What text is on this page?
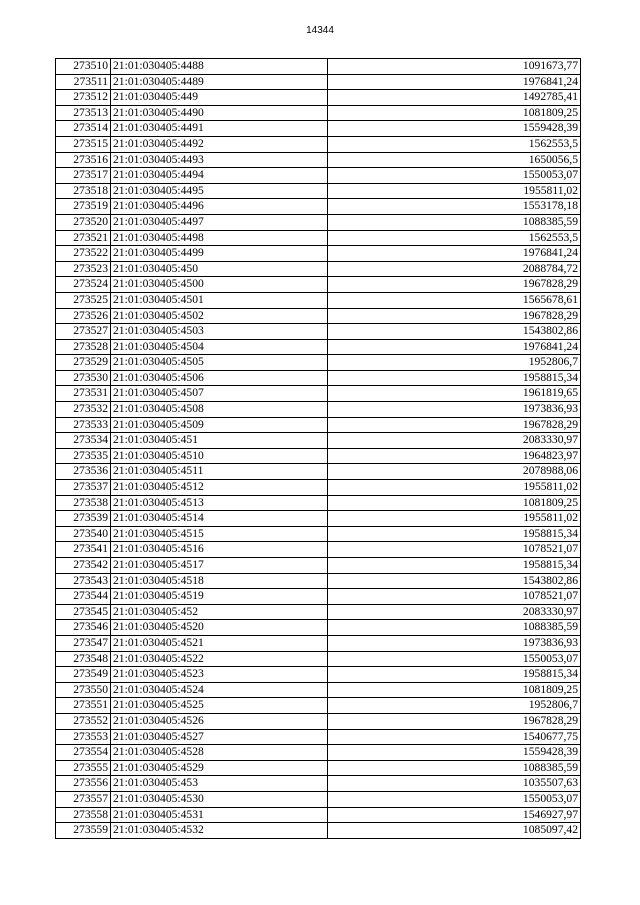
14344
273510	21:01:030405:4488	1091673,77
273511	21:01:030405:4489	1976841,24
273512	21:01:030405:449	1492785,41
273513	21:01:030405:4490	1081809,25
273514	21:01:030405:4491	1559428,39
273515	21:01:030405:4492	1562553,5
273516	21:01:030405:4493	1650056,5
273517	21:01:030405:4494	1550053,07
273518	21:01:030405:4495	1955811,02
273519	21:01:030405:4496	1553178,18
273520	21:01:030405:4497	1088385,59
273521	21:01:030405:4498	1562553,5
273522	21:01:030405:4499	1976841,24
273523	21:01:030405:450	2088784,72
273524	21:01:030405:4500	1967828,29
273525	21:01:030405:4501	1565678,61
273526	21:01:030405:4502	1967828,29
273527	21:01:030405:4503	1543802,86
273528	21:01:030405:4504	1976841,24
273529	21:01:030405:4505	1952806,7
273530	21:01:030405:4506	1958815,34
273531	21:01:030405:4507	1961819,65
273532	21:01:030405:4508	1973836,93
273533	21:01:030405:4509	1967828,29
273534	21:01:030405:451	2083330,97
273535	21:01:030405:4510	1964823,97
273536	21:01:030405:4511	2078988,06
273537	21:01:030405:4512	1955811,02
273538	21:01:030405:4513	1081809,25
273539	21:01:030405:4514	1955811,02
273540	21:01:030405:4515	1958815,34
273541	21:01:030405:4516	1078521,07
273542	21:01:030405:4517	1958815,34
273543	21:01:030405:4518	1543802,86
273544	21:01:030405:4519	1078521,07
273545	21:01:030405:452	2083330,97
273546	21:01:030405:4520	1088385,59
273547	21:01:030405:4521	1973836,93
273548	21:01:030405:4522	1550053,07
273549	21:01:030405:4523	1958815,34
273550	21:01:030405:4524	1081809,25
273551	21:01:030405:4525	1952806,7
273552	21:01:030405:4526	1967828,29
273553	21:01:030405:4527	1540677,75
273554	21:01:030405:4528	1559428,39
273555	21:01:030405:4529	1088385,59
273556	21:01:030405:453	1035507,63
273557	21:01:030405:4530	1550053,07
273558	21:01:030405:4531	1546927,97
273559	21:01:030405:4532	1085097,42
